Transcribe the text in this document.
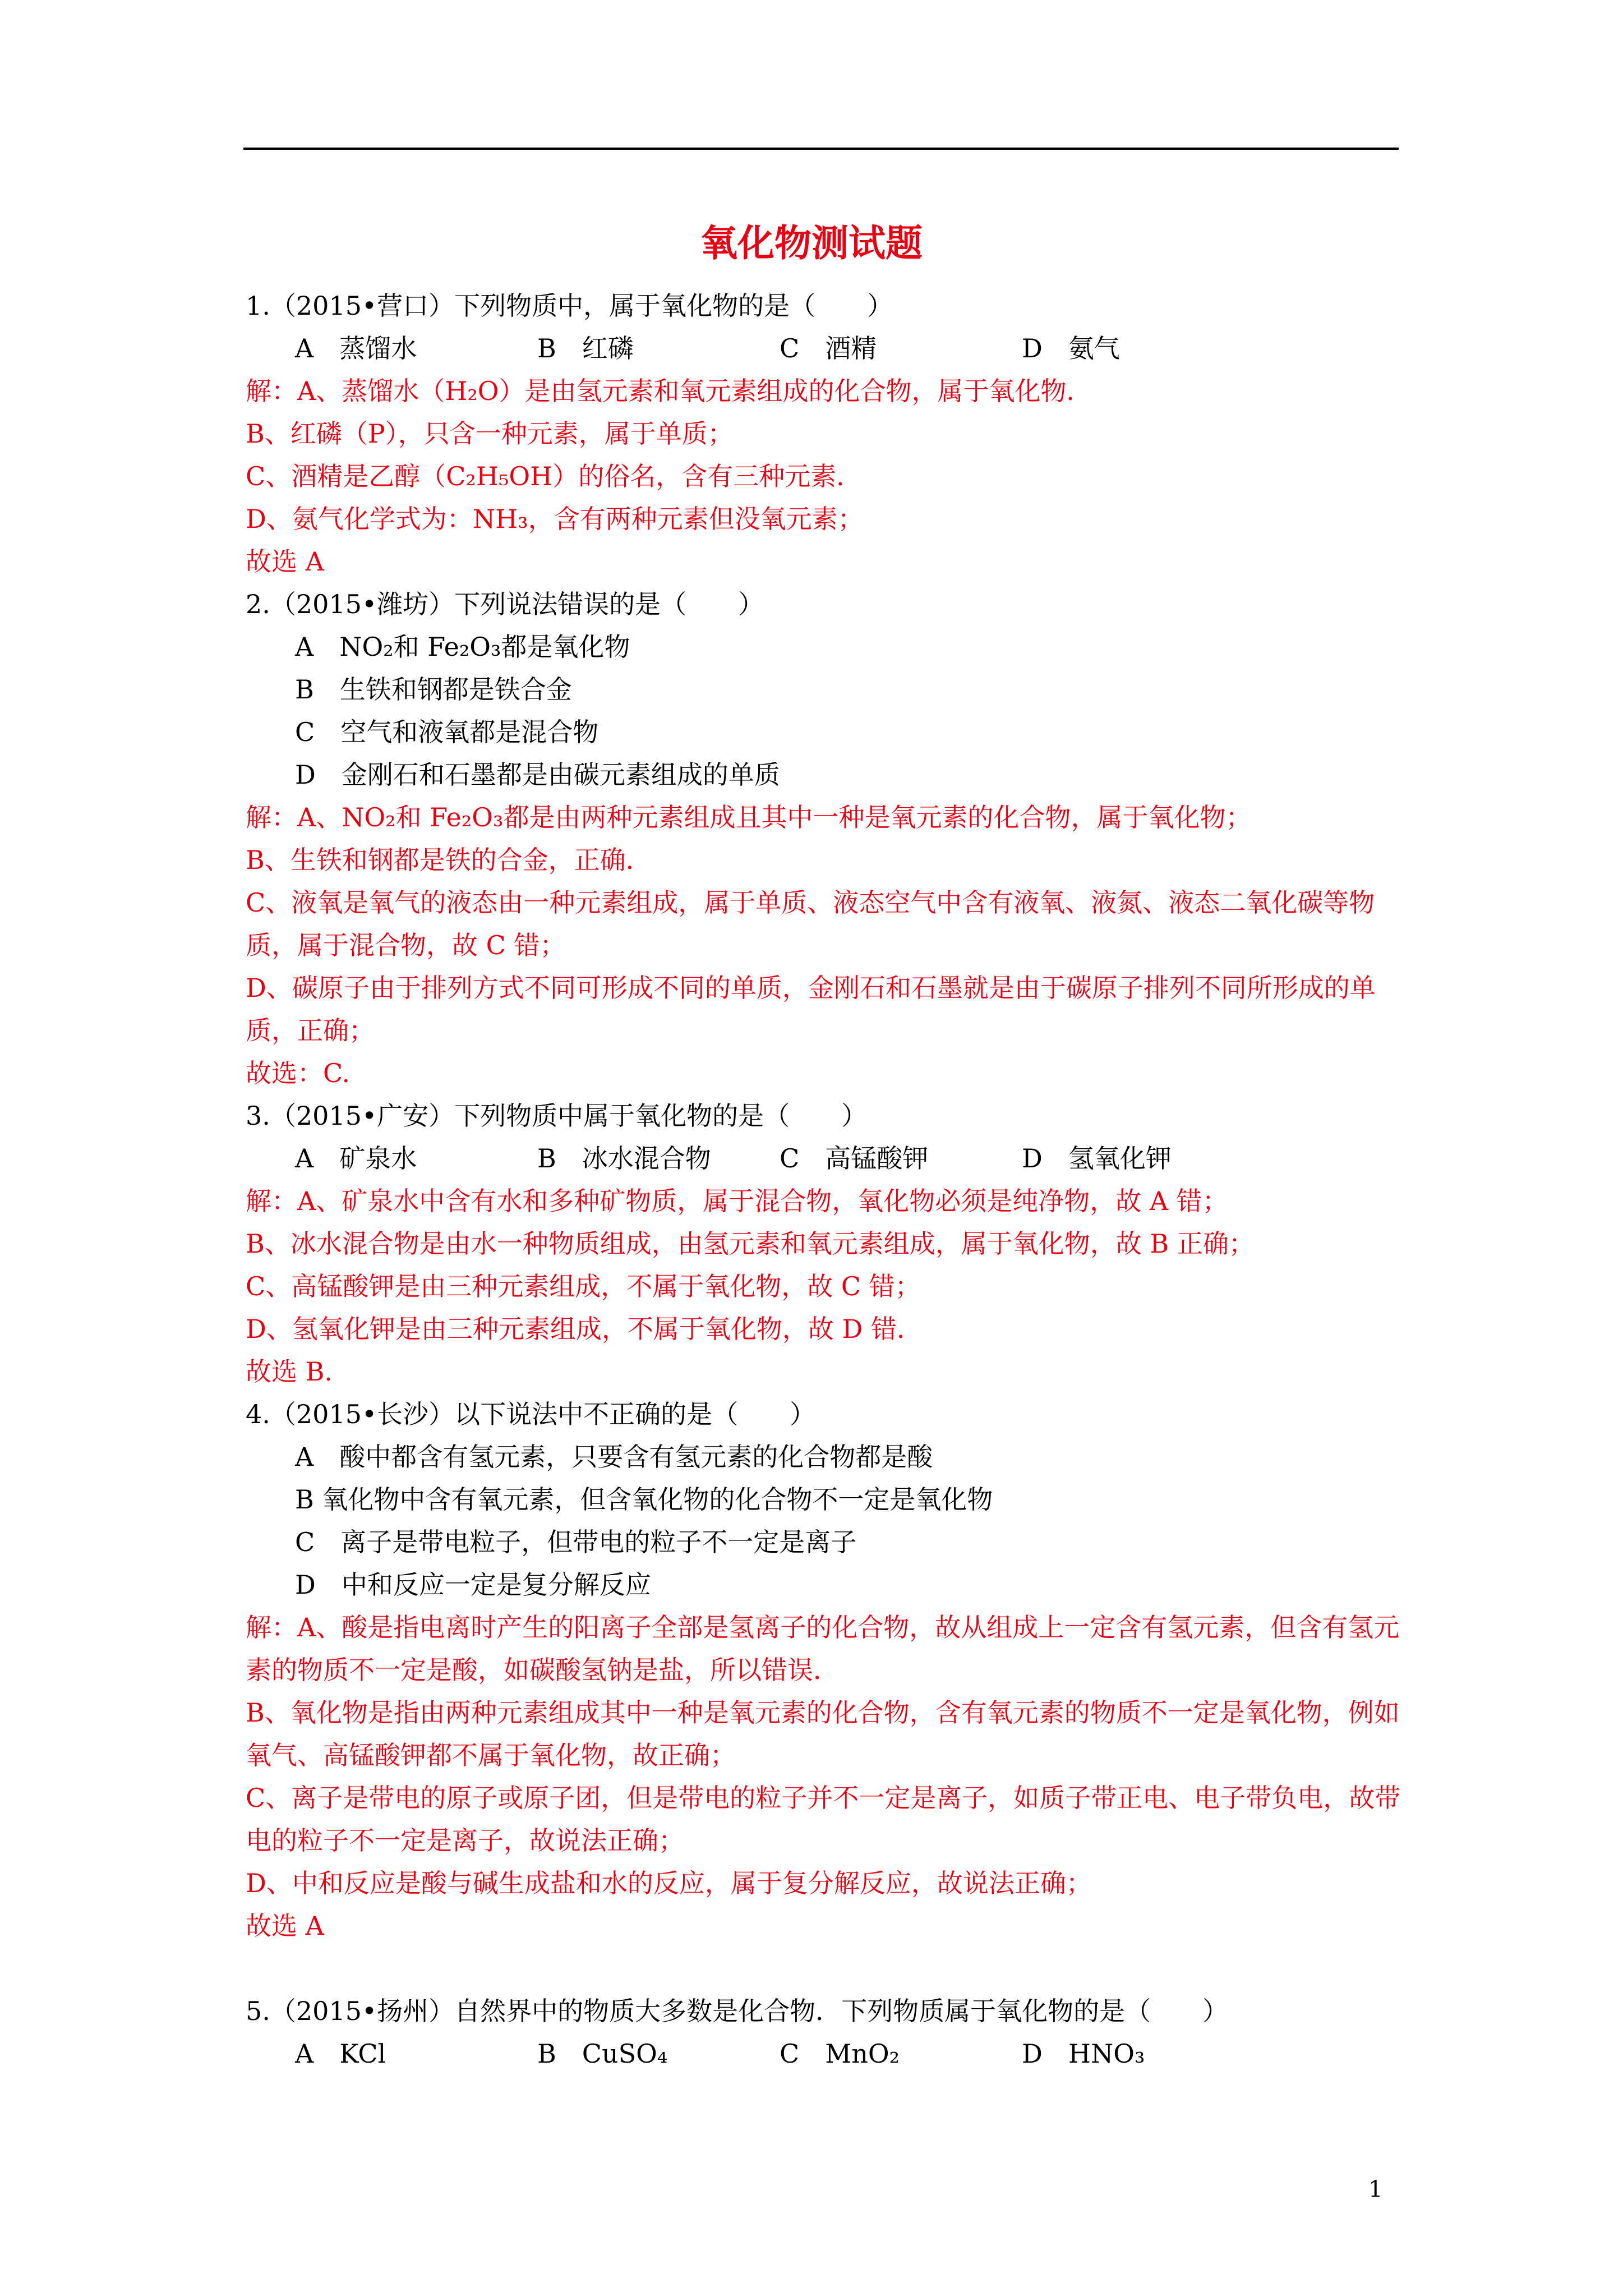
氧化物测试题
1.（2015•营口）下列物质中，属于氧化物的是（　　）
A　蒸馏水	B　红磷	C　酒精	D　氨气
解：A、蒸馏水（H₂O）是由氢元素和氧元素组成的化合物，属于氧化物．
B、红磷（P），只含一种元素，属于单质；
C、酒精是乙醇（C₂H₅OH）的俗名，含有三种元素．
D、氨气化学式为：NH₃，含有两种元素但没氧元素；
故选 A
2.（2015•潍坊）下列说法错误的是（　　）
A　NO₂和 Fe₂O₃都是氧化物
B　生铁和钢都是铁合金
C　空气和液氧都是混合物
D　金刚石和石墨都是由碳元素组成的单质
解：A、NO₂和 Fe₂O₃都是由两种元素组成且其中一种是氧元素的化合物，属于氧化物；
B、生铁和钢都是铁的合金，正确．
C、液氧是氧气的液态由一种元素组成，属于单质、液态空气中含有液氧、液氮、液态二氧化碳等物质，属于混合物，故 C 错；
D、碳原子由于排列方式不同可形成不同的单质，金刚石和石墨就是由于碳原子排列不同所形成的单质，正确；
故选：C.
3.（2015•广安）下列物质中属于氧化物的是（　　）
A　矿泉水	B　冰水混合物	C　高锰酸钾	D　氢氧化钾
解：A、矿泉水中含有水和多种矿物质，属于混合物，氧化物必须是纯净物，故 A 错；
B、冰水混合物是由水一种物质组成，由氢元素和氧元素组成，属于氧化物，故 B 正确；
C、高锰酸钾是由三种元素组成，不属于氧化物，故 C 错；
D、氢氧化钾是由三种元素组成，不属于氧化物，故 D 错．
故选 B.
4.（2015•长沙）以下说法中不正确的是（　　）
A　酸中都含有氢元素，只要含有氢元素的化合物都是酸
B 氧化物中含有氧元素，但含氧化物的化合物不一定是氧化物
C　离子是带电粒子，但带电的粒子不一定是离子
D　中和反应一定是复分解反应
解：A、酸是指电离时产生的阳离子全部是氢离子的化合物，故从组成上一定含有氢元素，但含有氢元素的物质不一定是酸，如碳酸氢钠是盐，所以错误．
B、氧化物是指由两种元素组成其中一种是氧元素的化合物，含有氧元素的物质不一定是氧化物，例如氧气、高锰酸钾都不属于氧化物，故正确；
C、离子是带电的原子或原子团，但是带电的粒子并不一定是离子，如质子带正电、电子带负电，故带电的粒子不一定是离子，故说法正确；
D、中和反应是酸与碱生成盐和水的反应，属于复分解反应，故说法正确；
故选 A
5.（2015•扬州）自然界中的物质大多数是化合物．下列物质属于氧化物的是（　　）
A　KCl	B　CuSO₄	C　MnO₂	D　HNO₃
1
